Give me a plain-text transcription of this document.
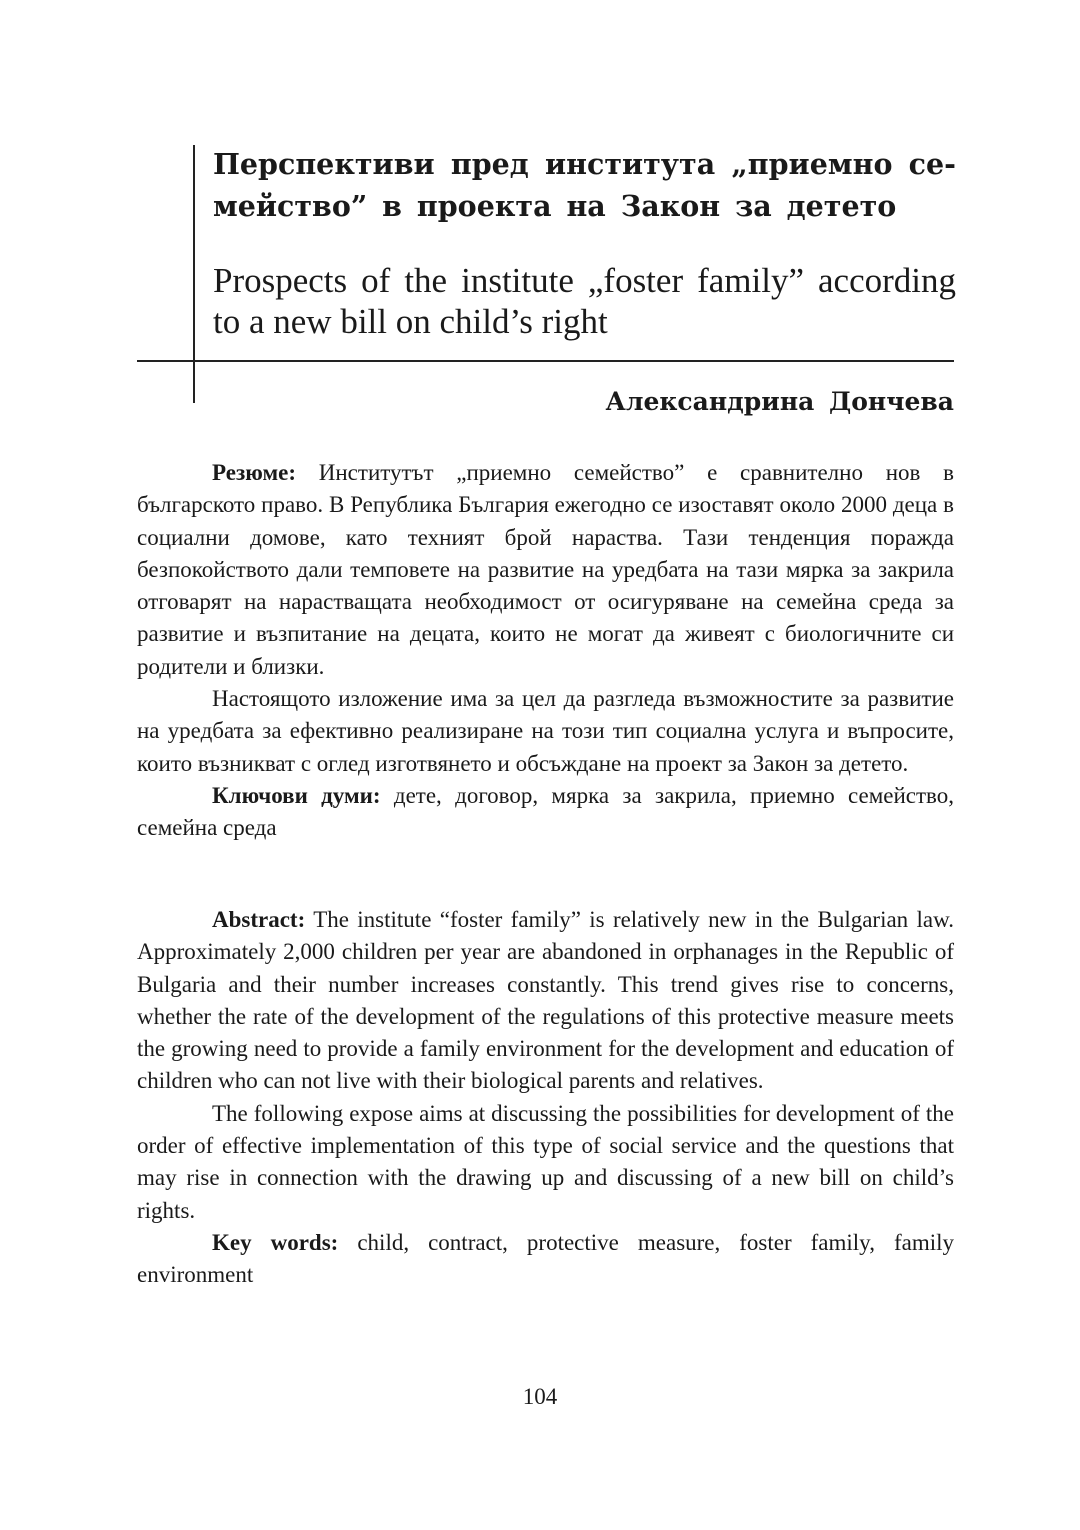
Перспективи пред института „приемно се-мейство” в проекта на Закон за детето
Prospects of the institute „foster family” according to a new bill on child’s right
Александрина Дончева

Резюме: Институтът „приемно семейство” е сравнително нов в българското право. В Република България ежегодно се изоставят около 2000 деца в социални домове, като техният брой нараства. Тази тенденция поражда безпокойството дали темповете на развитие на уредбата на тази мярка за закрила отговарят на нарастващата необходимост от осигуряване на семейна среда за развитие и възпитание на децата, които не могат да живеят с биологичните си родители и близки.

Настоящото изложение има за цел да разгледа възможностите за развитие на уредбата за ефективно реализиране на този тип социална услуга и въпросите, които възникват с оглед изготвянето и обсъждане на проект за Закон за детето.

Ключови думи: дете, договор, мярка за закрила, приемно семейство, семейна среда

Abstract: The institute “foster family” is relatively new in the Bulgarian law. Approximately 2,000 children per year are abandoned in orphanages in the Republic of Bulgaria and their number increases constantly. This trend gives rise to concerns, whether the rate of the development of the regulations of this protective measure meets the growing need to provide a family environment for the development and education of children who can not live with their biological parents and relatives.

The following expose aims at discussing the possibilities for development of the order of effective implementation of this type of social service and the questions that may rise in connection with the drawing up and discussing of a new bill on child’s rights.

Key words: child, contract, protective measure, foster family, family environment

104
